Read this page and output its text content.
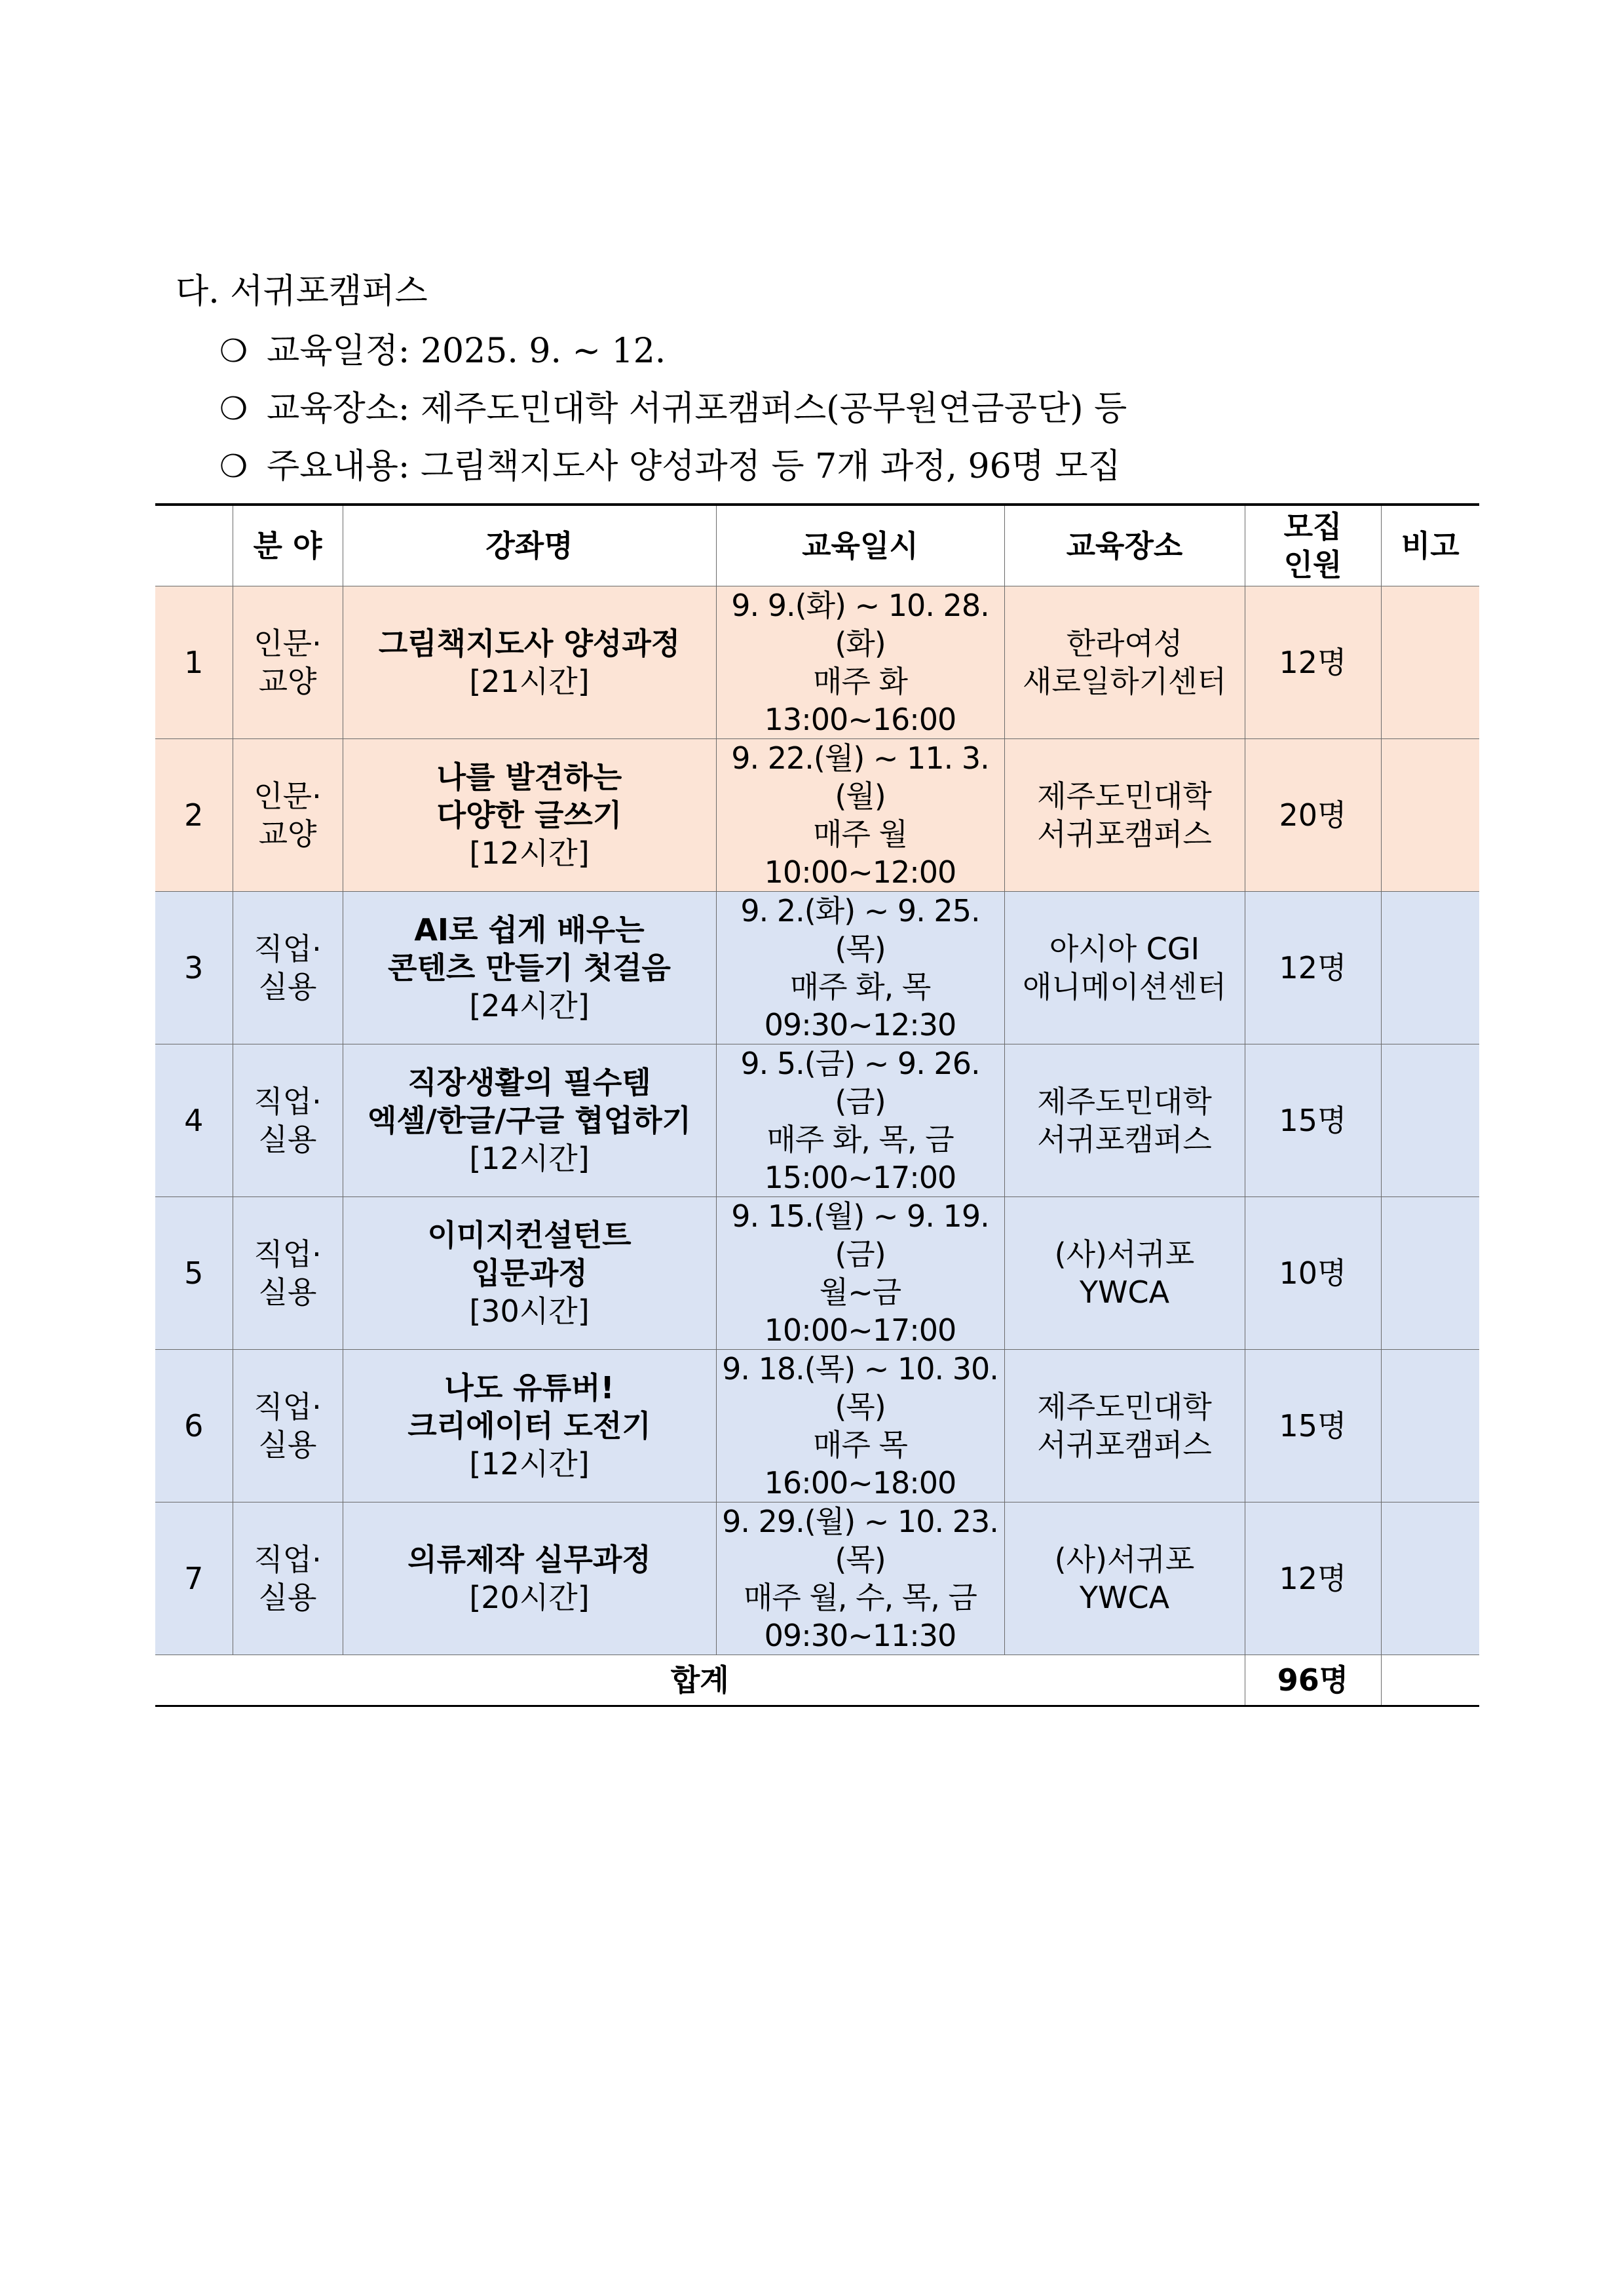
다. 서귀포캠퍼스
❍ 교육일정: 2025. 9. ~ 12.
❍ 교육장소: 제주도민대학 서귀포캠퍼스(공무원연금공단) 등
❍ 주요내용: 그림책지도사 양성과정 등 7개 과정, 96명 모집
	분 야	강좌명	교육일시	교육장소	모집
인원	비고
1	인문·
교양	그림책지도사 양성과정
[21시간]	9. 9.(화) ~ 10. 28.(화)
매주 화
13:00~16:00	한라여성
새로일하기센터	12명	
2	인문·
교양	나를 발견하는
다양한 글쓰기
[12시간]	9. 22.(월) ~ 11. 3.(월)
매주 월
10:00~12:00	제주도민대학
서귀포캠퍼스	20명	
3	직업·
실용	AI로 쉽게 배우는
콘텐츠 만들기 첫걸음
[24시간]	9. 2.(화) ~ 9. 25.(목)
매주 화, 목
09:30~12:30	아시아 CGI
애니메이션센터	12명	
4	직업·
실용	직장생활의 필수템
엑셀/한글/구글 협업하기
[12시간]	9. 5.(금) ~ 9. 26.(금)
매주 화, 목, 금
15:00~17:00	제주도민대학
서귀포캠퍼스	15명	
5	직업·
실용	이미지컨설턴트
입문과정
[30시간]	9. 15.(월) ~ 9. 19.(금)
월~금
10:00~17:00	(사)서귀포
YWCA	10명	
6	직업·
실용	나도 유튜버!
크리에이터 도전기
[12시간]	9. 18.(목) ~ 10. 30.(목)
매주 목
16:00~18:00	제주도민대학
서귀포캠퍼스	15명	
7	직업·
실용	의류제작 실무과정
[20시간]	9. 29.(월) ~ 10. 23.(목)
매주 월, 수, 목, 금
09:30~11:30	(사)서귀포
YWCA	12명	
합계					96명	
